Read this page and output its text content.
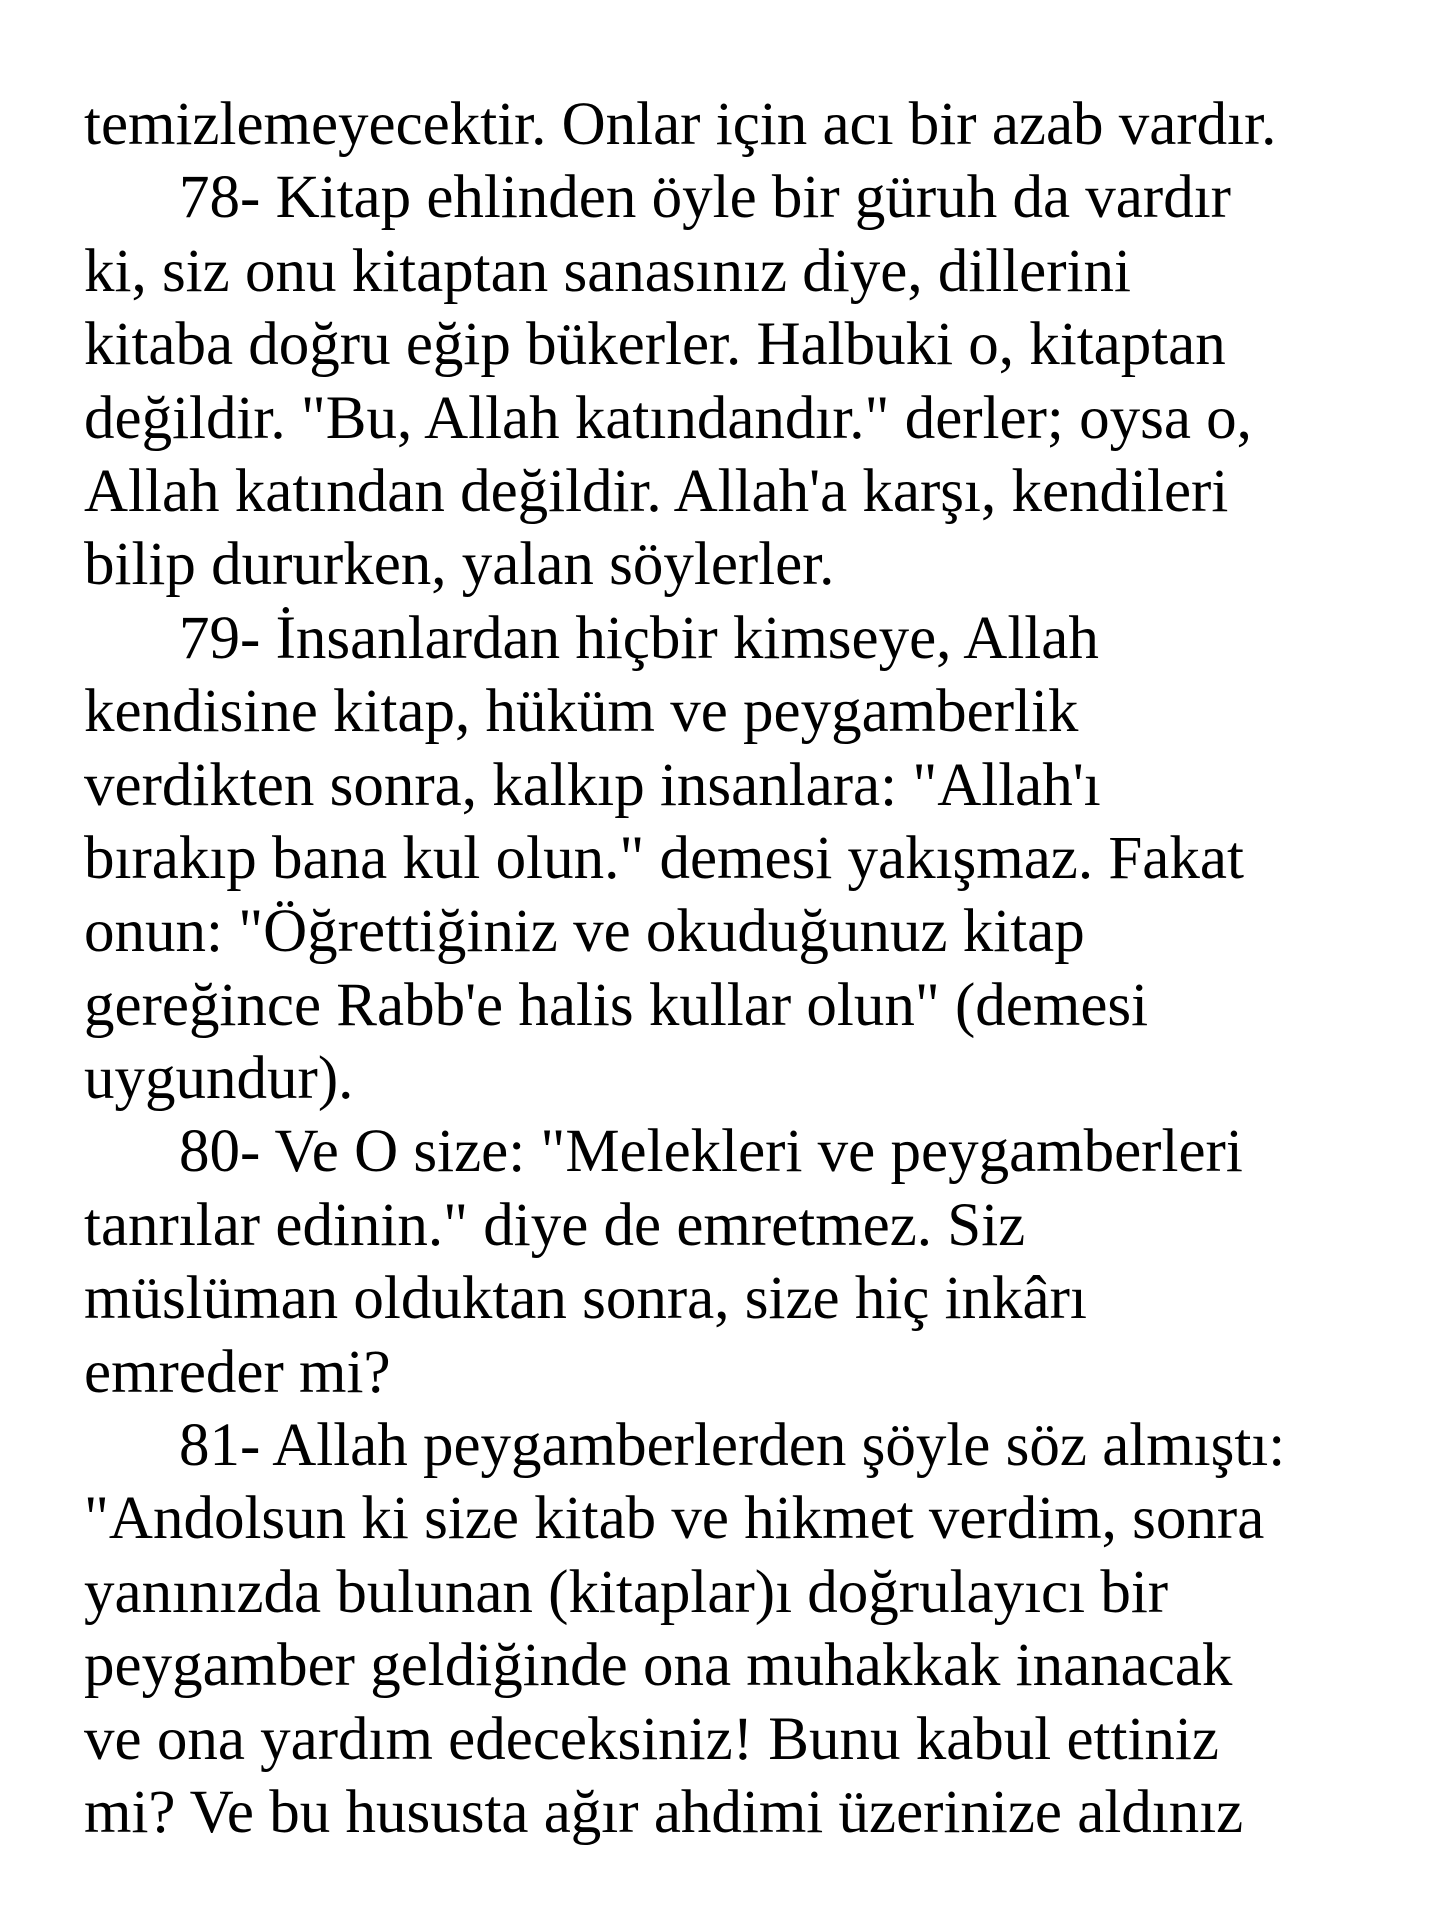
temizlemeyecektir. Onlar için acı bir azab vardır.
78- Kitap ehlinden öyle bir güruh da vardır
ki, siz onu kitaptan sanasınız diye, dillerini
kitaba doğru eğip bükerler. Halbuki o, kitaptan
değildir. "Bu, Allah katındandır." derler; oysa o,
Allah katından değildir. Allah'a karşı, kendileri
bilip dururken, yalan söylerler.
79- İnsanlardan hiçbir kimseye, Allah
kendisine kitap, hüküm ve peygamberlik
verdikten sonra, kalkıp insanlara: "Allah'ı
bırakıp bana kul olun." demesi yakışmaz. Fakat
onun: "Öğrettiğiniz ve okuduğunuz kitap
gereğince Rabb'e halis kullar olun" (demesi
uygundur).
80- Ve O size: "Melekleri ve peygamberleri
tanrılar edinin." diye de emretmez. Siz
müslüman olduktan sonra, size hiç inkârı
emreder mi?
81- Allah peygamberlerden şöyle söz almıştı:
"Andolsun ki size kitab ve hikmet verdim, sonra
yanınızda bulunan (kitaplar)ı doğrulayıcı bir
peygamber geldiğinde ona muhakkak inanacak
ve ona yardım edeceksiniz! Bunu kabul ettiniz
mi? Ve bu hususta ağır ahdimi üzerinize aldınız
